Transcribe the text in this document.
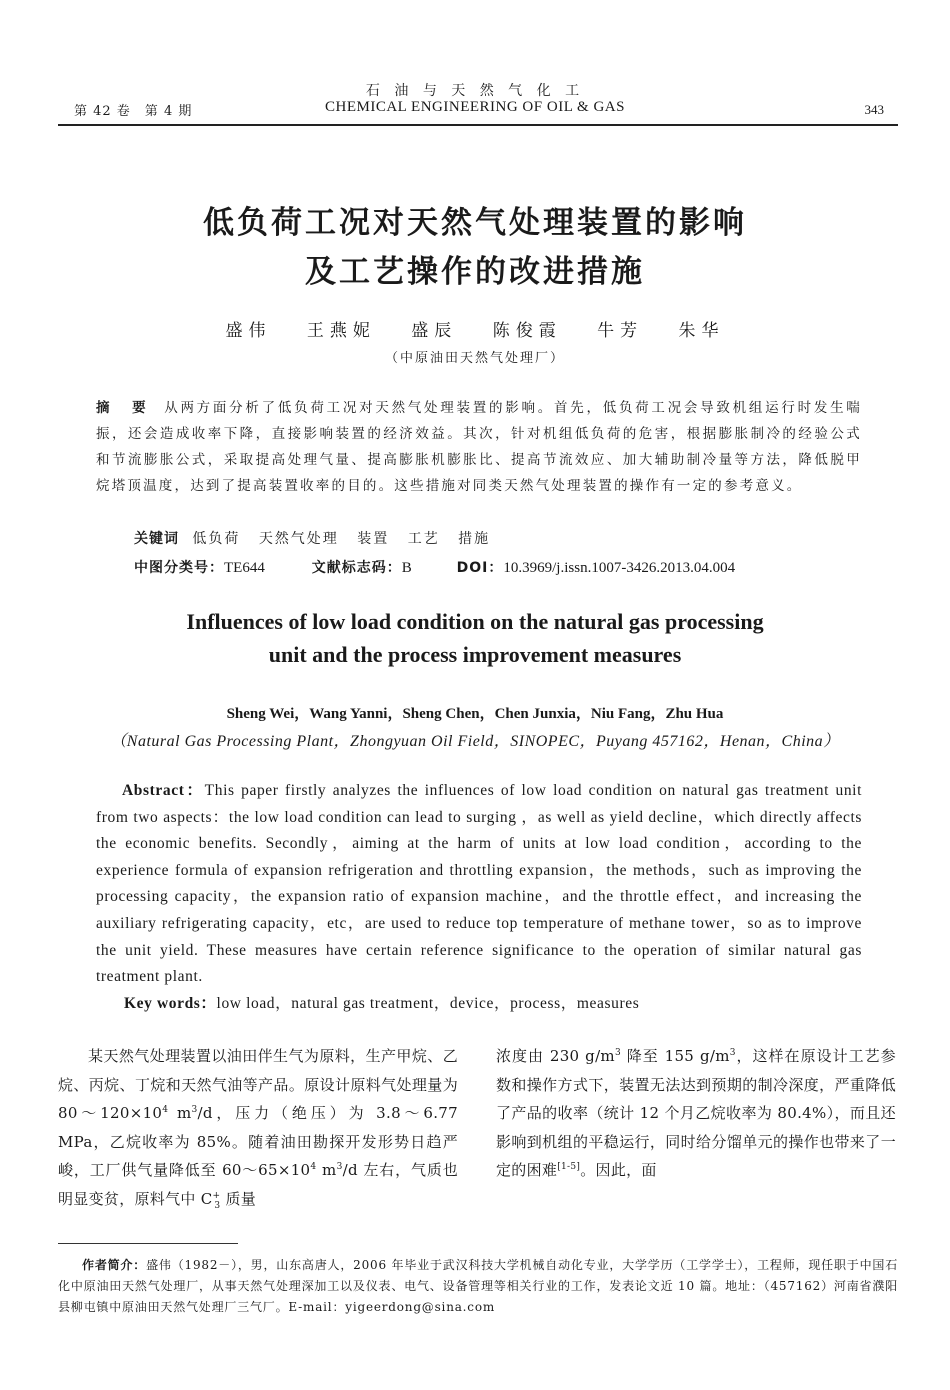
石 油 与 天 然 气 化 工
CHEMICAL ENGINEERING OF OIL & GAS
第 42 卷　第 4 期	343
低负荷工况对天然气处理装置的影响
及工艺操作的改进措施
盛伟 王燕妮 盛辰 陈俊霞 牛芳 朱华
（中原油田天然气处理厂）
摘　要 从两方面分析了低负荷工况对天然气处理装置的影响。首先，低负荷工况会导致机组运行时发生喘振，还会造成收率下降，直接影响装置的经济效益。其次，针对机组低负荷的危害，根据膨胀制冷的经验公式和节流膨胀公式，采取提高处理气量、提高膨胀机膨胀比、提高节流效应、加大辅助制冷量等方法，降低脱甲烷塔顶温度，达到了提高装置收率的目的。这些措施对同类天然气处理装置的操作有一定的参考意义。
关键词 低负荷 天然气处理 装置 工艺 措施
中图分类号：TE644	文献标志码：B	DOI：10.3969/j.issn.1007-3426.2013.04.004
Influences of low load condition on the natural gas processing
unit and the process improvement measures
Sheng Wei，Wang Yanni，Sheng Chen，Chen Junxia，Niu Fang，Zhu Hua
（Natural Gas Processing Plant，Zhongyuan Oil Field，SINOPEC，Puyang 457162，Henan，China）
Abstract：This paper firstly analyzes the influences of low load condition on natural gas treatment unit from two aspects：the low load condition can lead to surging ，as well as yield decline，which directly affects the economic benefits. Secondly，aiming at the harm of units at low load condition，according to the experience formula of expansion refrigeration and throttling expansion，the methods，such as improving the processing capacity，the expansion ratio of expansion machine，and the throttle effect，and increasing the auxiliary refrigerating capacity，etc，are used to reduce top temperature of methane tower，so as to improve the unit yield. These measures have certain reference significance to the operation of similar natural gas treatment plant.
Key words：low load，natural gas treatment，device，process，measures
某天然气处理装置以油田伴生气为原料，生产甲烷、乙烷、丙烷、丁烷和天然气油等产品。原设计原料气处理量为 $80\sim 120\times 10^4$ $m^3/d$，压力（绝压）为 3.8～6.77 MPa，乙烷收率为 85%。随着油田勘探开发形势日趋严峻，工厂供气量降低至 $60\sim 65\times 10^4$ $m^3/d$ 左右，气质也明显变贫，原料气中 $C^+_3$ 质量
浓度由 230 $g/m^3$ 降至 155 $g/m^3$，这样在原设计工艺参数和操作方式下，装置无法达到预期的制冷深度，严重降低了产品的收率（统计 12 个月乙烷收率为 80.4%），而且还影响到机组的平稳运行，同时给分馏单元的操作也带来了一定的困难[1-5]。因此，面
作者简介：盛伟（1982－），男，山东高唐人，2006 年毕业于武汉科技大学机械自动化专业，大学学历（工学学士），工程师，现任职于中国石化中原油田天然气处理厂，从事天然气处理深加工以及仪表、电气、设备管理等相关行业的工作，发表论文近 10 篇。地址：（457162）河南省濮阳县柳屯镇中原油田天然气处理厂三气厂。E-mail：yigeerdong@sina.com
